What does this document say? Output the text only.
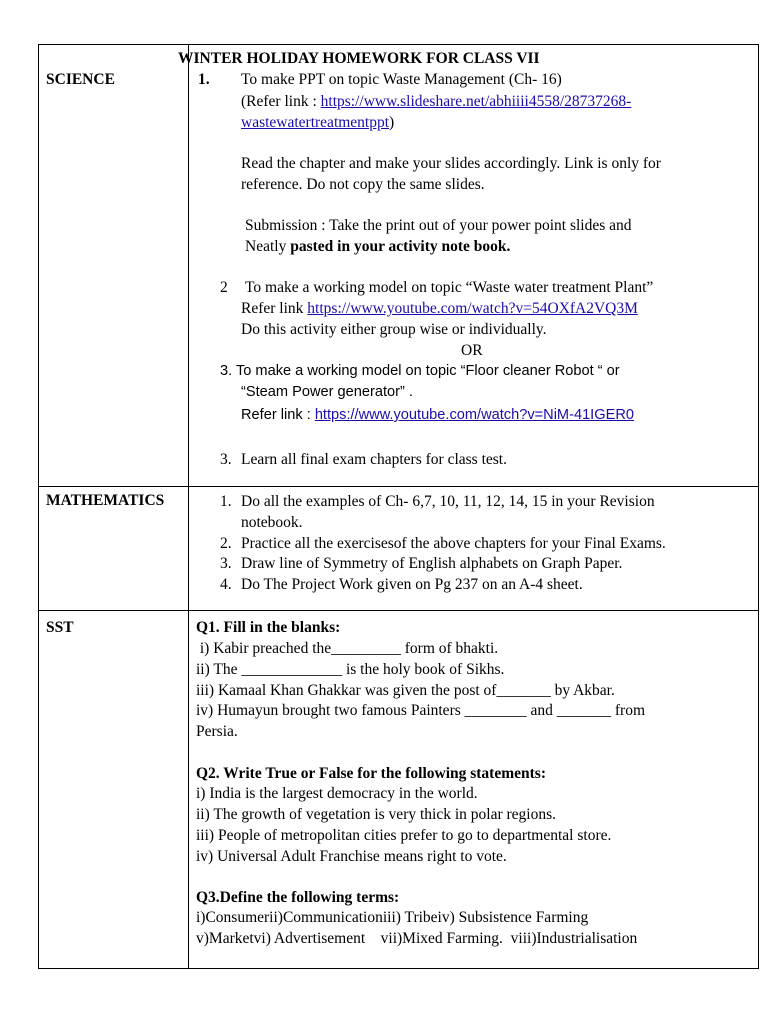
WINTER HOLIDAY HOMEWORK FOR CLASS VII
SCIENCE	1. To make PPT on topic Waste Management (Ch- 16)
(Refer link : https://www.slideshare.net/abhiiii4558/28737268-
wastewatertreatmentppt)
Read the chapter and make your slides accordingly. Link is only for
reference. Do not copy the same slides.
Submission : Take the print out of your power point slides and
Neatly pasted in your activity note book.
2 To make a working model on topic “Waste water treatment Plant”
Refer link https://www.youtube.com/watch?v=54OXfA2VQ3M
Do this activity either group wise or individually.
OR
3. To make a working model on topic “Floor cleaner Robot “ or
“Steam Power generator” .
Refer link : https://www.youtube.com/watch?v=NiM-41IGER0
3. Learn all final exam chapters for class test.
MATHEMATICS	1. Do all the examples of Ch- 6,7, 10, 11, 12, 14, 15 in your Revision
notebook.
2. Practice all the exercisesof the above chapters for your Final Exams.
3. Draw line of Symmetry of English alphabets on Graph Paper.
4. Do The Project Work given on Pg 237 on an A-4 sheet.
SST	Q1. Fill in the blanks:
i) Kabir preached the_________ form of bhakti.
ii) The _____________ is the holy book of Sikhs.
iii) Kamaal Khan Ghakkar was given the post of_______ by Akbar.
iv) Humayun brought two famous Painters ________ and _______ from
Persia.
Q2. Write True or False for the following statements:
i) India is the largest democracy in the world.
ii) The growth of vegetation is very thick in polar regions.
iii) People of metropolitan cities prefer to go to departmental store.
iv) Universal Adult Franchise means right to vote.
Q3.Define the following terms:
i)Consumerii)Communicationiii) Tribeiv) Subsistence Farming
v)Marketvi) Advertisement    vii)Mixed Farming.  viii)Industrialisation
